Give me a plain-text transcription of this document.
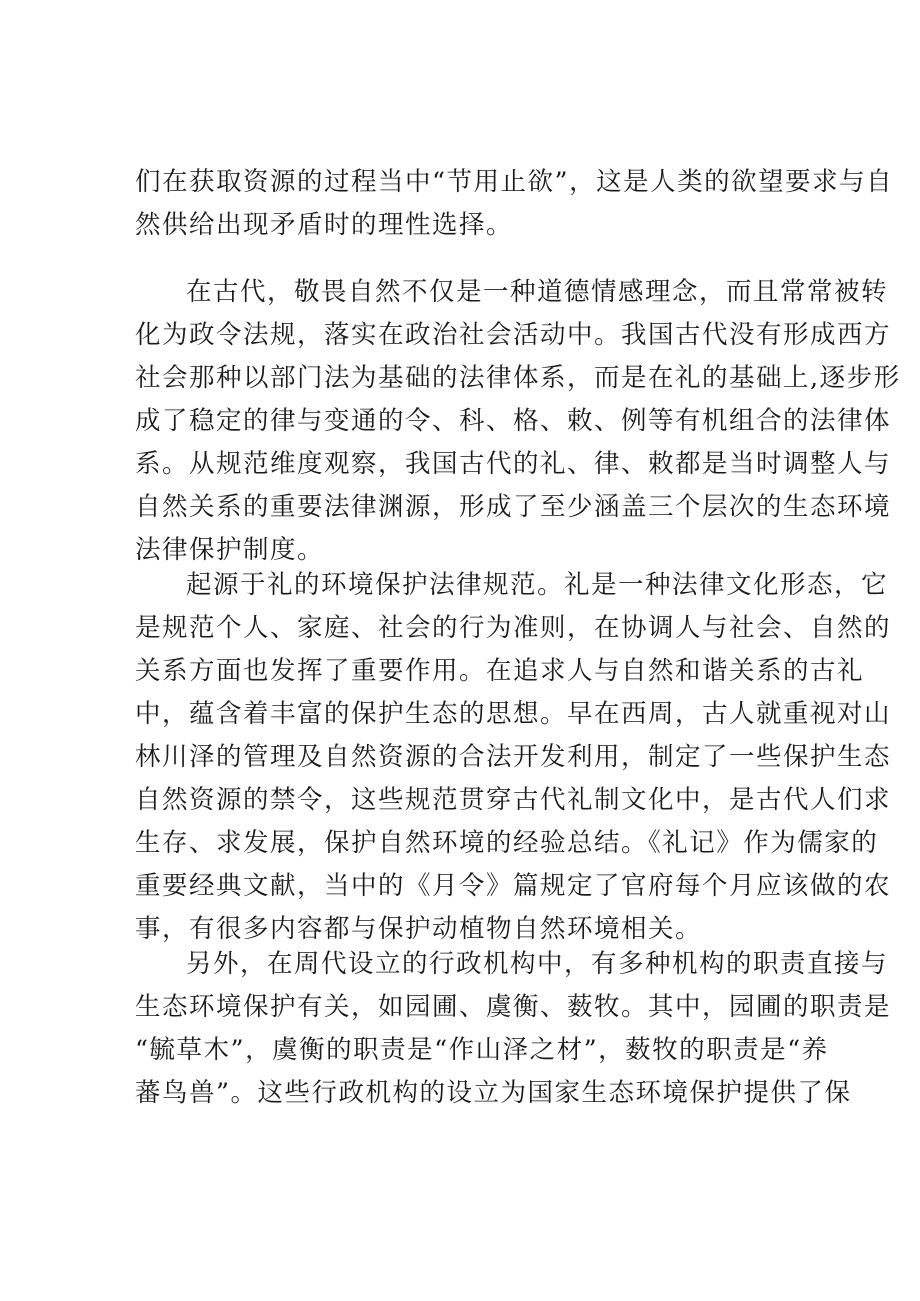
们在获取资源的过程当中“节用止欲”，这是人类的欲望要求与自
然供给出现矛盾时的理性选择。
在古代，敬畏自然不仅是一种道德情感理念，而且常常被转
化为政令法规，落实在政治社会活动中。我国古代没有形成西方
社会那种以部门法为基础的法律体系，而是在礼的基础上,逐步形
成了稳定的律与变通的令、科、格、敕、例等有机组合的法律体
系。从规范维度观察，我国古代的礼、律、敕都是当时调整人与
自然关系的重要法律渊源，形成了至少涵盖三个层次的生态环境
法律保护制度。
起源于礼的环境保护法律规范。礼是一种法律文化形态，它
是规范个人、家庭、社会的行为准则，在协调人与社会、自然的
关系方面也发挥了重要作用。在追求人与自然和谐关系的古礼
中，蕴含着丰富的保护生态的思想。早在西周，古人就重视对山
林川泽的管理及自然资源的合法开发利用，制定了一些保护生态
自然资源的禁令，这些规范贯穿古代礼制文化中，是古代人们求
生存、求发展，保护自然环境的经验总结。《礼记》作为儒家的
重要经典文献，当中的《月令》篇规定了官府每个月应该做的农
事，有很多内容都与保护动植物自然环境相关。
另外，在周代设立的行政机构中，有多种机构的职责直接与
生态环境保护有关，如园圃、虞衡、薮牧。其中，园圃的职责是
“毓草木”，虞衡的职责是“作山泽之材”，薮牧的职责是“养
蕃鸟兽”。这些行政机构的设立为国家生态环境保护提供了保
